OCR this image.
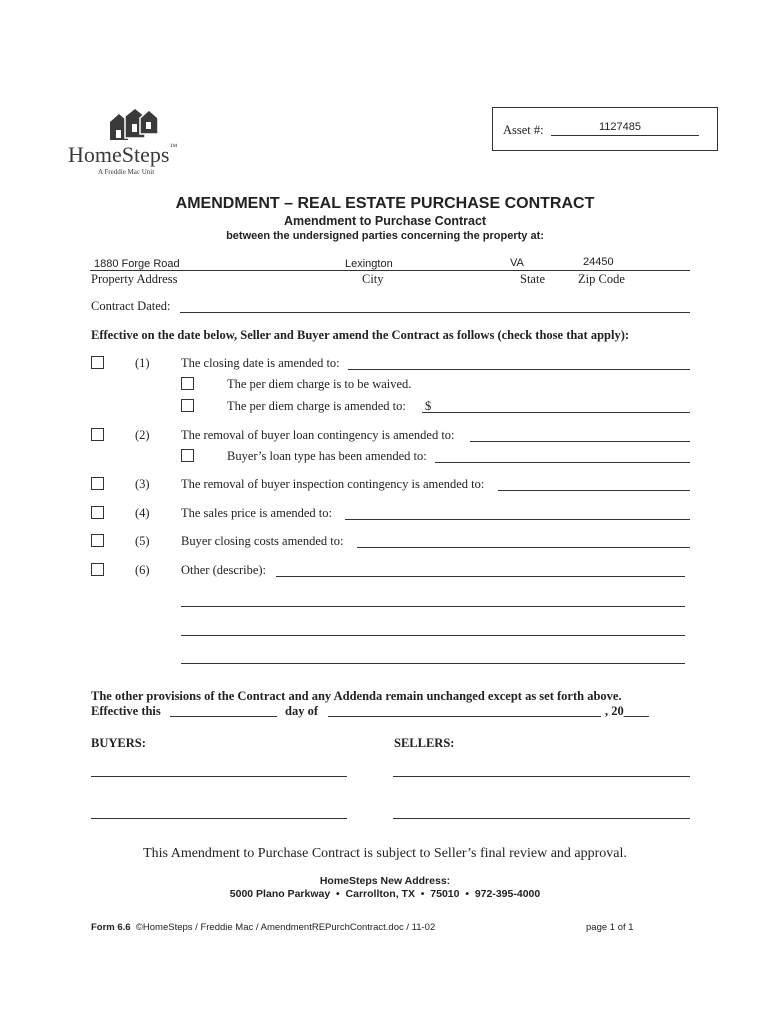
HomeSteps™
A Freddie Mac Unit
Asset #:	1127485
AMENDMENT – REAL ESTATE PURCHASE CONTRACT
Amendment to Purchase Contract
between the undersigned parties concerning the property at:
1880 Forge Road	Lexington	VA	24450
Property Address	City	State	Zip Code
Contract Dated:
Effective on the date below, Seller and Buyer amend the Contract as follows (check those that apply):
(1)	The closing date is amended to:
The per diem charge is to be waived.
The per diem charge is amended to: $
(2)	The removal of buyer loan contingency is amended to:
Buyer’s loan type has been amended to:
(3)	The removal of buyer inspection contingency is amended to:
(4)	The sales price is amended to:
(5)	Buyer closing costs amended to:
(6)	Other (describe):
The other provisions of the Contract and any Addenda remain unchanged except as set forth above.
Effective this	day of	, 20____
BUYERS:	SELLERS:
This Amendment to Purchase Contract is subject to Seller’s final review and approval.
HomeSteps New Address:
5000 Plano Parkway  •  Carrollton, TX  •  75010  •  972-395-4000
Form 6.6 ©HomeSteps / Freddie Mac / AmendmentREPurchContract.doc / 11-02	page 1 of 1
